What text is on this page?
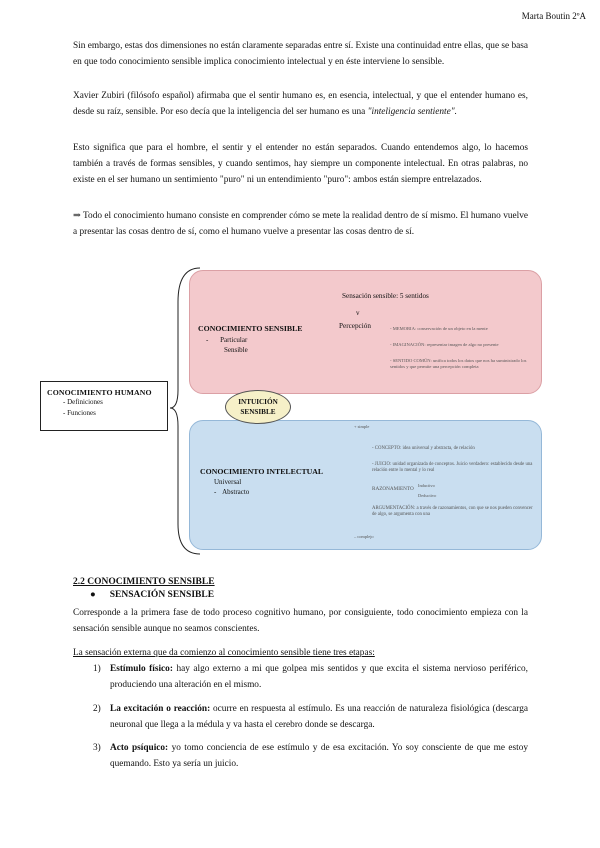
Marta Boutin 2ºA

Sin embargo, estas dos dimensiones no están claramente separadas entre sí. Existe una continuidad entre ellas, que se basa en que todo conocimiento sensible implica conocimiento intelectual y en éste interviene lo sensible.

Xavier Zubiri (filósofo español) afirmaba que el sentir humano es, en esencia, intelectual, y que el entender humano es, desde su raíz, sensible. Por eso decía que la inteligencia del ser humano es una "inteligencia sentiente".

Esto significa que para el hombre, el sentir y el entender no están separados. Cuando entendemos algo, lo hacemos también a través de formas sensibles, y cuando sentimos, hay siempre un componente intelectual. En otras palabras, no existe en el ser humano un sentimiento "puro" ni un entendimiento "puro": ambos están siempre entrelazados.

⇒ Todo el conocimiento humano consiste en comprender cómo se mete la realidad dentro de sí mismo. El humano vuelve a presentar las cosas dentro de sí, como el humano vuelve a presentar las cosas dentro de sí.

CONOCIMIENTO HUMANO
- Definiciones
- Funciones
INTUICIÓN
SENSIBLE
Sensación sensible: 5 sentidos
v
Percepción
CONOCIMIENTO SENSIBLE
- Particular
Sensible
- MEMORIA: conservación de un objeto en la mente
- IMAGINACIÓN: representar imagen de algo no presente
- SENTIDO COMÚN: unifica todos los datos que nos ha suministrado los sentidos y que permite una percepción completa
+ simple
– complejo
CONOCIMIENTO INTELECTUAL
Universal
- Abstracto
- CONCEPTO: idea universal y abstracta, de relación
- JUICIO: unidad organizada de conceptos. Juicio verdadero: establecido desde una relación entre lo mental y lo real
RAZONAMIENTO
Inductivo
Deductivo
ARGUMENTACIÓN: a través de razonamientos, con que se nos pueden convencer de algo, se argumenta con una
2.2 CONOCIMIENTO SENSIBLE
● SENSACIÓN SENSIBLE

Corresponde a la primera fase de todo proceso cognitivo humano, por consiguiente, todo conocimiento empieza con la sensación sensible aunque no seamos conscientes.

La sensación externa que da comienzo al conocimiento sensible tiene tres etapas:

1) Estímulo físico: hay algo externo a mi que golpea mis sentidos y que excita el sistema nervioso periférico, produciendo una alteración en el mismo.

2) La excitación o reacción: ocurre en respuesta al estímulo. Es una reacción de naturaleza fisiológica (descarga neuronal que llega a la médula y va hasta el cerebro donde se descarga.

3) Acto psíquico: yo tomo conciencia de ese estímulo y de esa excitación. Yo soy consciente de que me estoy quemando. Esto ya sería un juicio.
